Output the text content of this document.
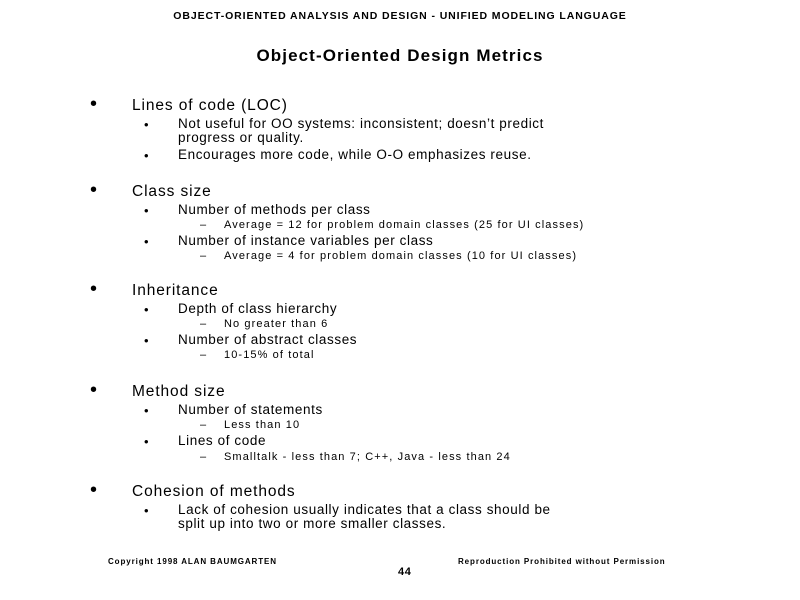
OBJECT-ORIENTED ANALYSIS AND DESIGN - UNIFIED MODELING LANGUAGE
Object-Oriented Design Metrics
• Lines of code (LOC)
• Not useful for OO systems: inconsistent; doesn’t predict
progress or quality.
• Encourages more code, while O-O emphasizes reuse.
• Class size
• Number of methods per class
– Average = 12 for problem domain classes (25 for UI classes)
• Number of instance variables per class
– Average = 4 for problem domain classes (10 for UI classes)
• Inheritance
• Depth of class hierarchy
– No greater than 6
• Number of abstract classes
– 10-15% of total
• Method size
• Number of statements
– Less than 10
• Lines of code
– Smalltalk - less than 7; C++, Java - less than 24
• Cohesion of methods
• Lack of cohesion usually indicates that a class should be
split up into two or more smaller classes.
Copyright 1998 ALAN BAUMGARTEN
44
Reproduction Prohibited without Permission
